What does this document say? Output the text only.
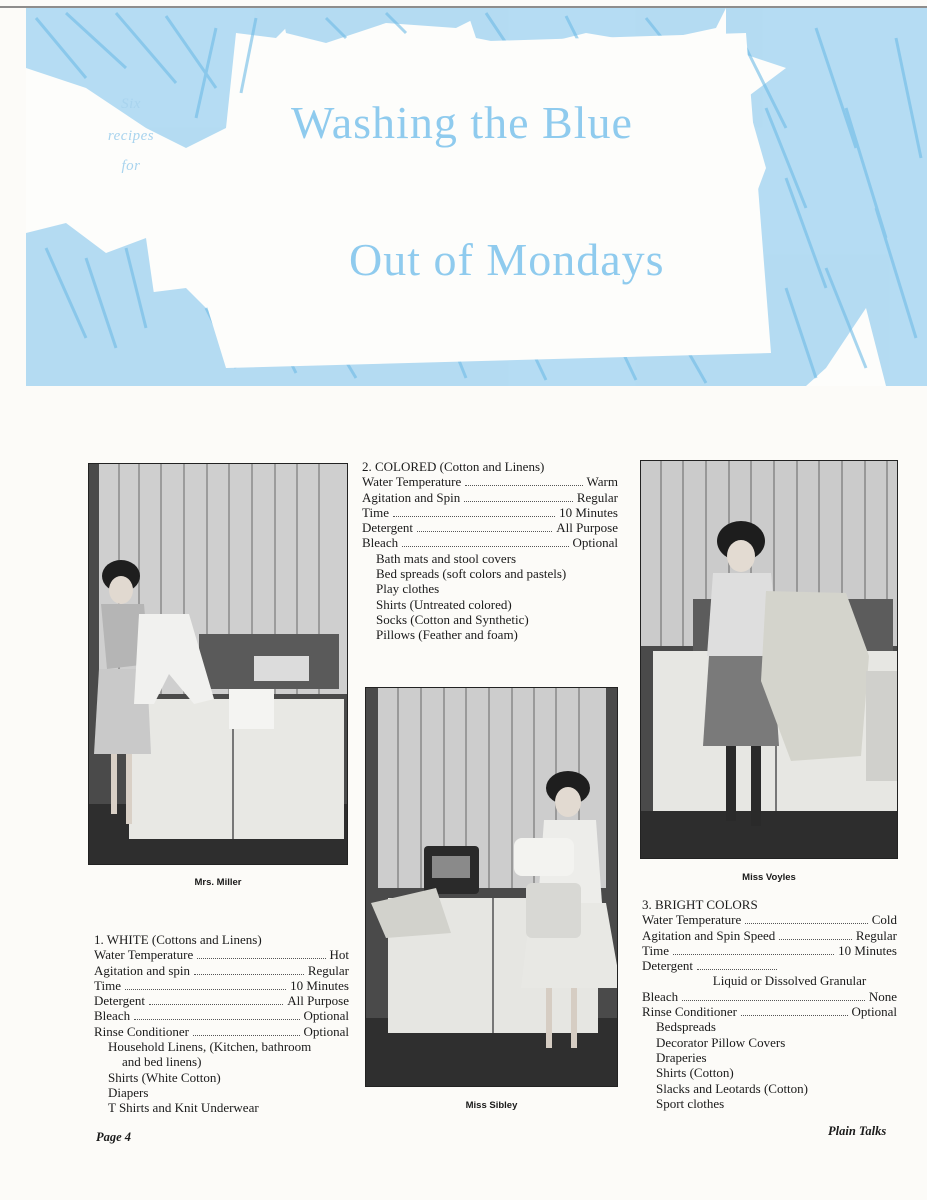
Six
recipes
for
Washing the Blue
Out of Mondays
Mrs. Miller
Miss Sibley
Miss Voyles
2. COLORED (Cotton and Linens)
Water Temperature	Warm
Agitation and Spin	Regular
Time	10 Minutes
Detergent	All Purpose
Bleach	Optional
Bath mats and stool covers
Bed spreads (soft colors and pastels)
Play clothes
Shirts (Untreated colored)
Socks (Cotton and Synthetic)
Pillows (Feather and foam)
1. WHITE (Cottons and Linens)
Water Temperature	Hot
Agitation and spin	Regular
Time	10 Minutes
Detergent	All Purpose
Bleach	Optional
Rinse Conditioner	Optional
Household Linens, (Kitchen, bathroom
and bed linens)
Shirts (White Cotton)
Diapers
T Shirts and Knit Underwear
3. BRIGHT COLORS
Water Temperature	Cold
Agitation and Spin Speed	Regular
Time	10 Minutes
Detergent
Liquid or Dissolved Granular
Bleach	None
Rinse Conditioner	Optional
Bedspreads
Decorator Pillow Covers
Draperies
Shirts (Cotton)
Slacks and Leotards (Cotton)
Sport clothes
Page 4	Plain Talks
